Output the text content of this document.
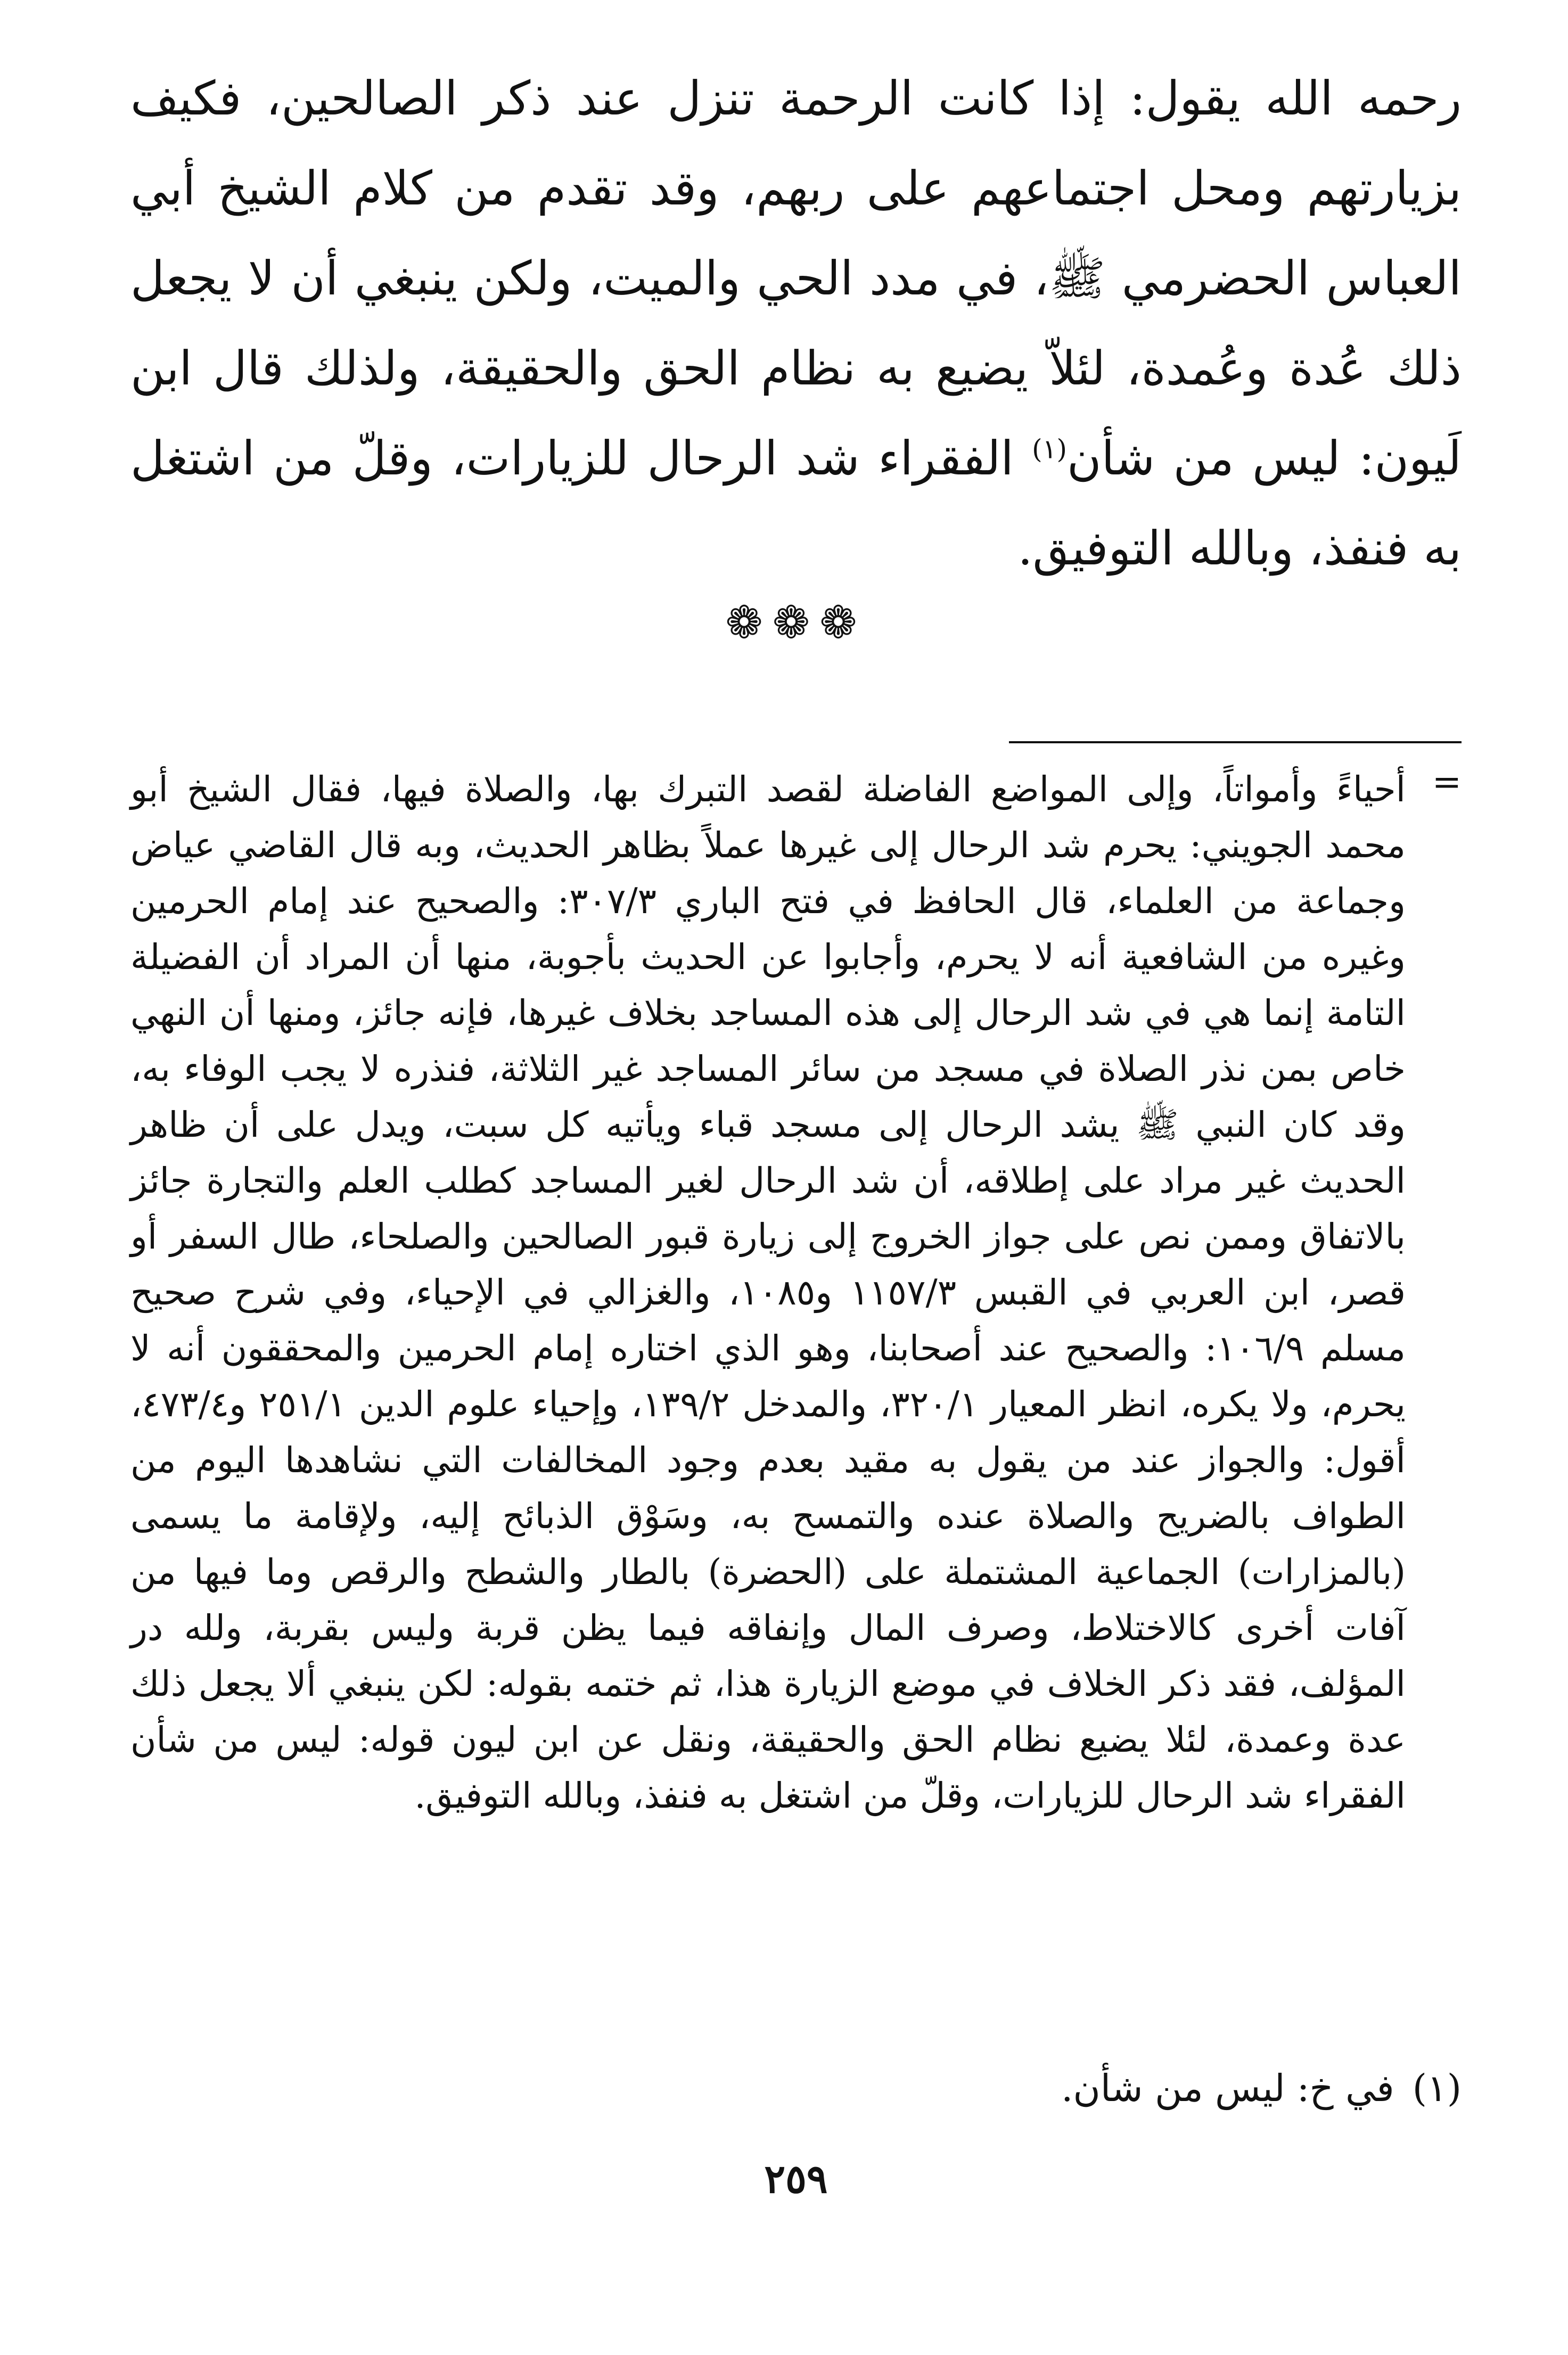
رحمه الله يقول: إذا كانت الرحمة تنزل عند ذكر الصالحين، فكيف بزيارتهم ومحل اجتماعهم على ربهم، وقد تقدم من كلام الشيخ أبي العباس الحضرمي ﷺ، في مدد الحي والميت، ولكن ينبغي أن لا يجعل ذلك عُدة وعُمدة، لئلاّ يضيع به نظام الحق والحقيقة، ولذلك قال ابن لَيون: ليس من شأن$^{(١)}$ الفقراء شد الرحال للزيارات، وقلّ من اشتغل به فنفذ، وبالله التوفيق.

❁❁❁
=

أحياءً وأمواتاً، وإلى المواضع الفاضلة لقصد التبرك بها، والصلاة فيها، فقال الشيخ أبو محمد الجويني: يحرم شد الرحال إلى غيرها عملاً بظاهر الحديث، وبه قال القاضي عياض وجماعة من العلماء، قال الحافظ في فتح الباري ٣٠٧/٣: والصحيح عند إمام الحرمين وغيره من الشافعية أنه لا يحرم، وأجابوا عن الحديث بأجوبة، منها أن المراد أن الفضيلة التامة إنما هي في شد الرحال إلى هذه المساجد بخلاف غيرها، فإنه جائز، ومنها أن النهي خاص بمن نذر الصلاة في مسجد من سائر المساجد غير الثلاثة، فنذره لا يجب الوفاء به، وقد كان النبي ﷺ يشد الرحال إلى مسجد قباء ويأتيه كل سبت، ويدل على أن ظاهر الحديث غير مراد على إطلاقه، أن شد الرحال لغير المساجد كطلب العلم والتجارة جائز بالاتفاق وممن نص على جواز الخروج إلى زيارة قبور الصالحين والصلحاء، طال السفر أو قصر، ابن العربي في القبس ١١٥٧/٣ و١٠٨٥، والغزالي في الإحياء، وفي شرح صحيح مسلم ١٠٦/٩: والصحيح عند أصحابنا، وهو الذي اختاره إمام الحرمين والمحققون أنه لا يحرم، ولا يكره، انظر المعيار ٣٢٠/١، والمدخل ١٣٩/٢، وإحياء علوم الدين ٢٥١/١ و٤٧٣/٤، أقول: والجواز عند من يقول به مقيد بعدم وجود المخالفات التي نشاهدها اليوم من الطواف بالضريح والصلاة عنده والتمسح به، وسَوْق الذبائح إليه، ولإقامة ما يسمى (بالمزارات) الجماعية المشتملة على (الحضرة) بالطار والشطح والرقص وما فيها من آفات أخرى كالاختلاط، وصرف المال وإنفاقه فيما يظن قربة وليس بقربة، ولله در المؤلف، فقد ذكر الخلاف في موضع الزيارة هذا، ثم ختمه بقوله: لكن ينبغي ألا يجعل ذلك عدة وعمدة، لئلا يضيع نظام الحق والحقيقة، ونقل عن ابن ليون قوله: ليس من شأن الفقراء شد الرحال للزيارات، وقلّ من اشتغل به فنفذ، وبالله التوفيق.

(١)في خ: ليس من شأن.

٢٥٩
